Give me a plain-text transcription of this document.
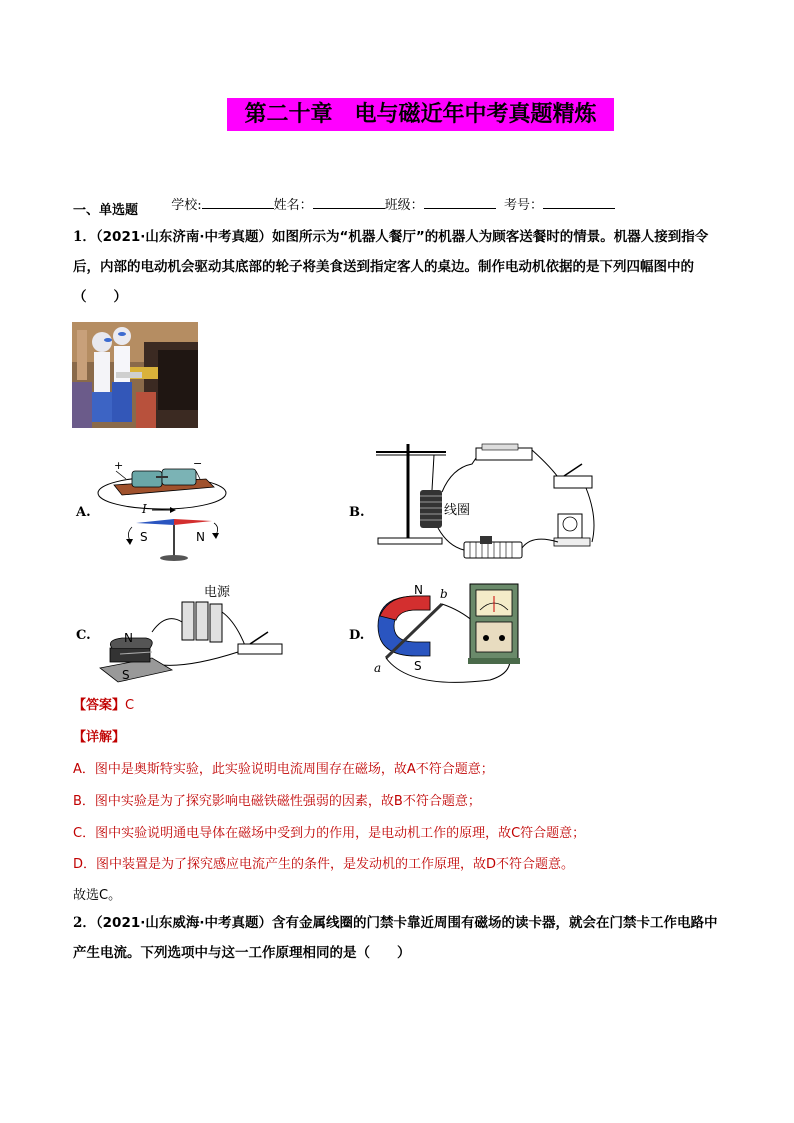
第二十章　电与磁近年中考真题精炼

学校:	姓名：	班级：	考号：

一、单选题
1．（2021·山东济南·中考真题）如图所示为“机器人餐厅”的机器人为顾客送餐时的情景。机器人接到指令
后，内部的电动机会驱动其底部的轮子将美食送到指定客人的桌边。制作电动机依据的是下列四幅图中的
（　　）
A.
+	−
I
S	N
B.	线圈
C.
电源
N
S
D.
N
S
a
b
【答案】C
【详解】
A．图中是奥斯特实验，此实验说明电流周围存在磁场，故A不符合题意；
B．图中实验是为了探究影响电磁铁磁性强弱的因素，故B不符合题意；
C．图中实验说明通电导体在磁场中受到力的作用，是电动机工作的原理，故C符合题意；
D．图中装置是为了探究感应电流产生的条件，是发动机的工作原理，故D不符合题意。
故选C。
2．（2021·山东威海·中考真题）含有金属线圈的门禁卡靠近周围有磁场的读卡器，就会在门禁卡工作电路中
产生电流。下列选项中与这一工作原理相同的是（　　）
